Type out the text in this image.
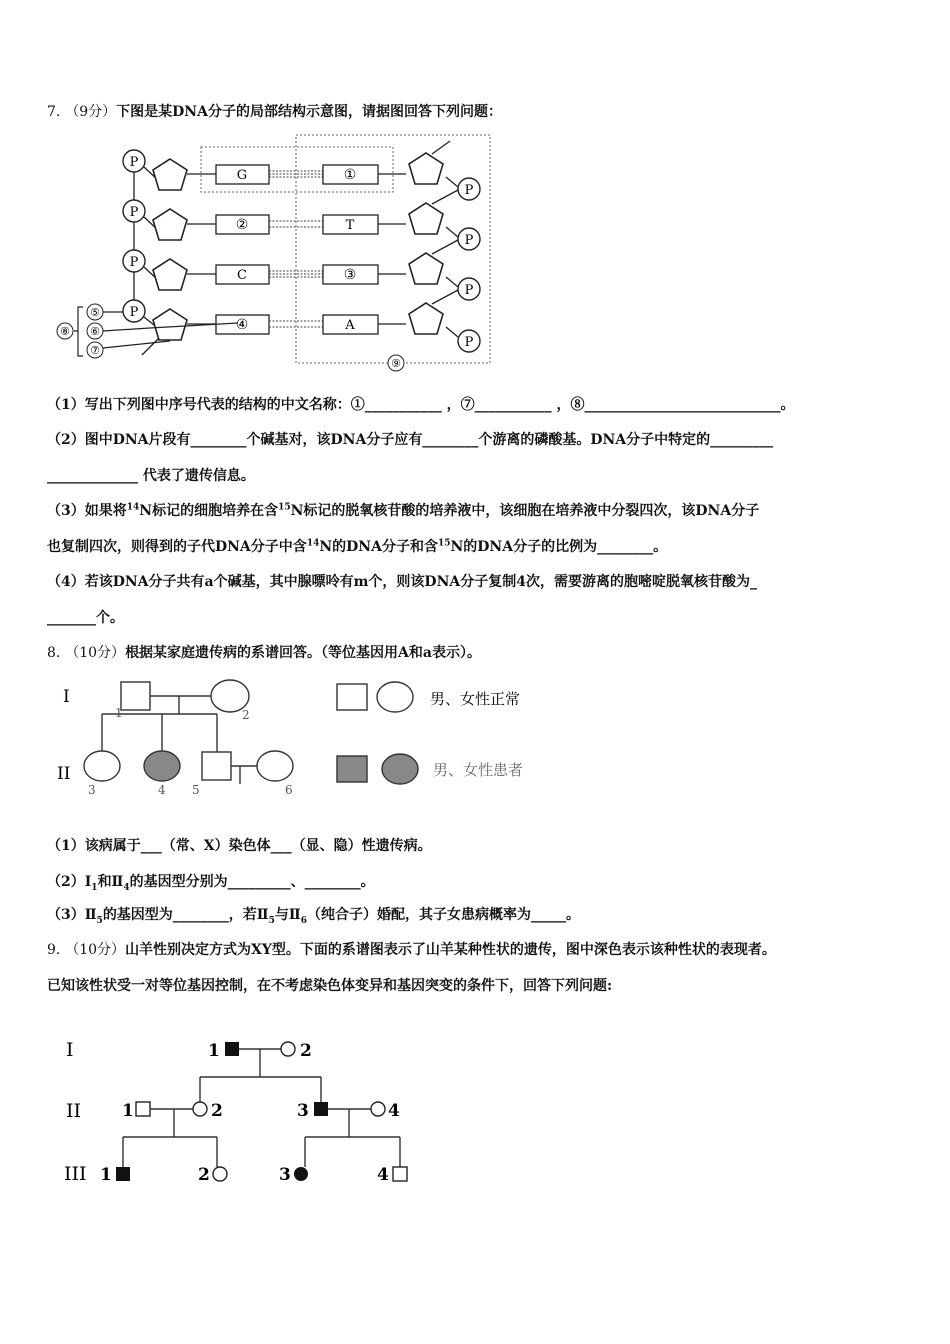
7. （9分）下图是某DNA分子的局部结构示意图，请据图回答下列问题：
P
G	①
P
P
②	T
P
P
C	③
P
P
④	A
P
⑤
⑥
⑦
⑧
⑨
（1）写出下列图中序号代表的结构的中文名称：①___________ ，⑦___________ ，⑧____________________________。
（2）图中DNA片段有________个碱基对，该DNA分子应有________个游离的磷酸基。DNA分子中特定的_________
_____________ 代表了遗传信息。
（3）如果将$^{14}$N标记的细胞培养在含$^{15}$N标记的脱氧核苷酸的培养液中，该细胞在培养液中分裂四次，该DNA分子
也复制四次，则得到的子代DNA分子中含$^{14}$N的DNA分子和含$^{15}$N的DNA分子的比例为________。
（4）若该DNA分子共有a个碱基，其中腺嘌呤有m个，则该DNA分子复制4次，需要游离的胞嘧啶脱氧核苷酸为_
_______个。
8. （10分）根据某家庭遗传病的系谱回答。（等位基因用A和a表示）。
I
II
1	2
3	4 5	6
男、女性正常
男、女性患者
（1）该病属于___（常、X）染色体___（显、隐）性遗传病。
$(2)Ⅰ_1$和$Ⅱ_4$的基因型分别为_________、________。
$(3)Ⅱ_5$的基因型为________，若$Ⅱ_5$与$Ⅱ_6$（纯合子）婚配，其子女患病概率为_____。
9. （10分）山羊性别决定方式为XY型。下面的系谱图表示了山羊某种性状的遗传，图中深色表示该种性状的表现者。
已知该性状受一对等位基因控制，在不考虑染色体变异和基因突变的条件下，回答下列问题:
I
II
III
1	2
1	2	3	4
1	2	3	4
